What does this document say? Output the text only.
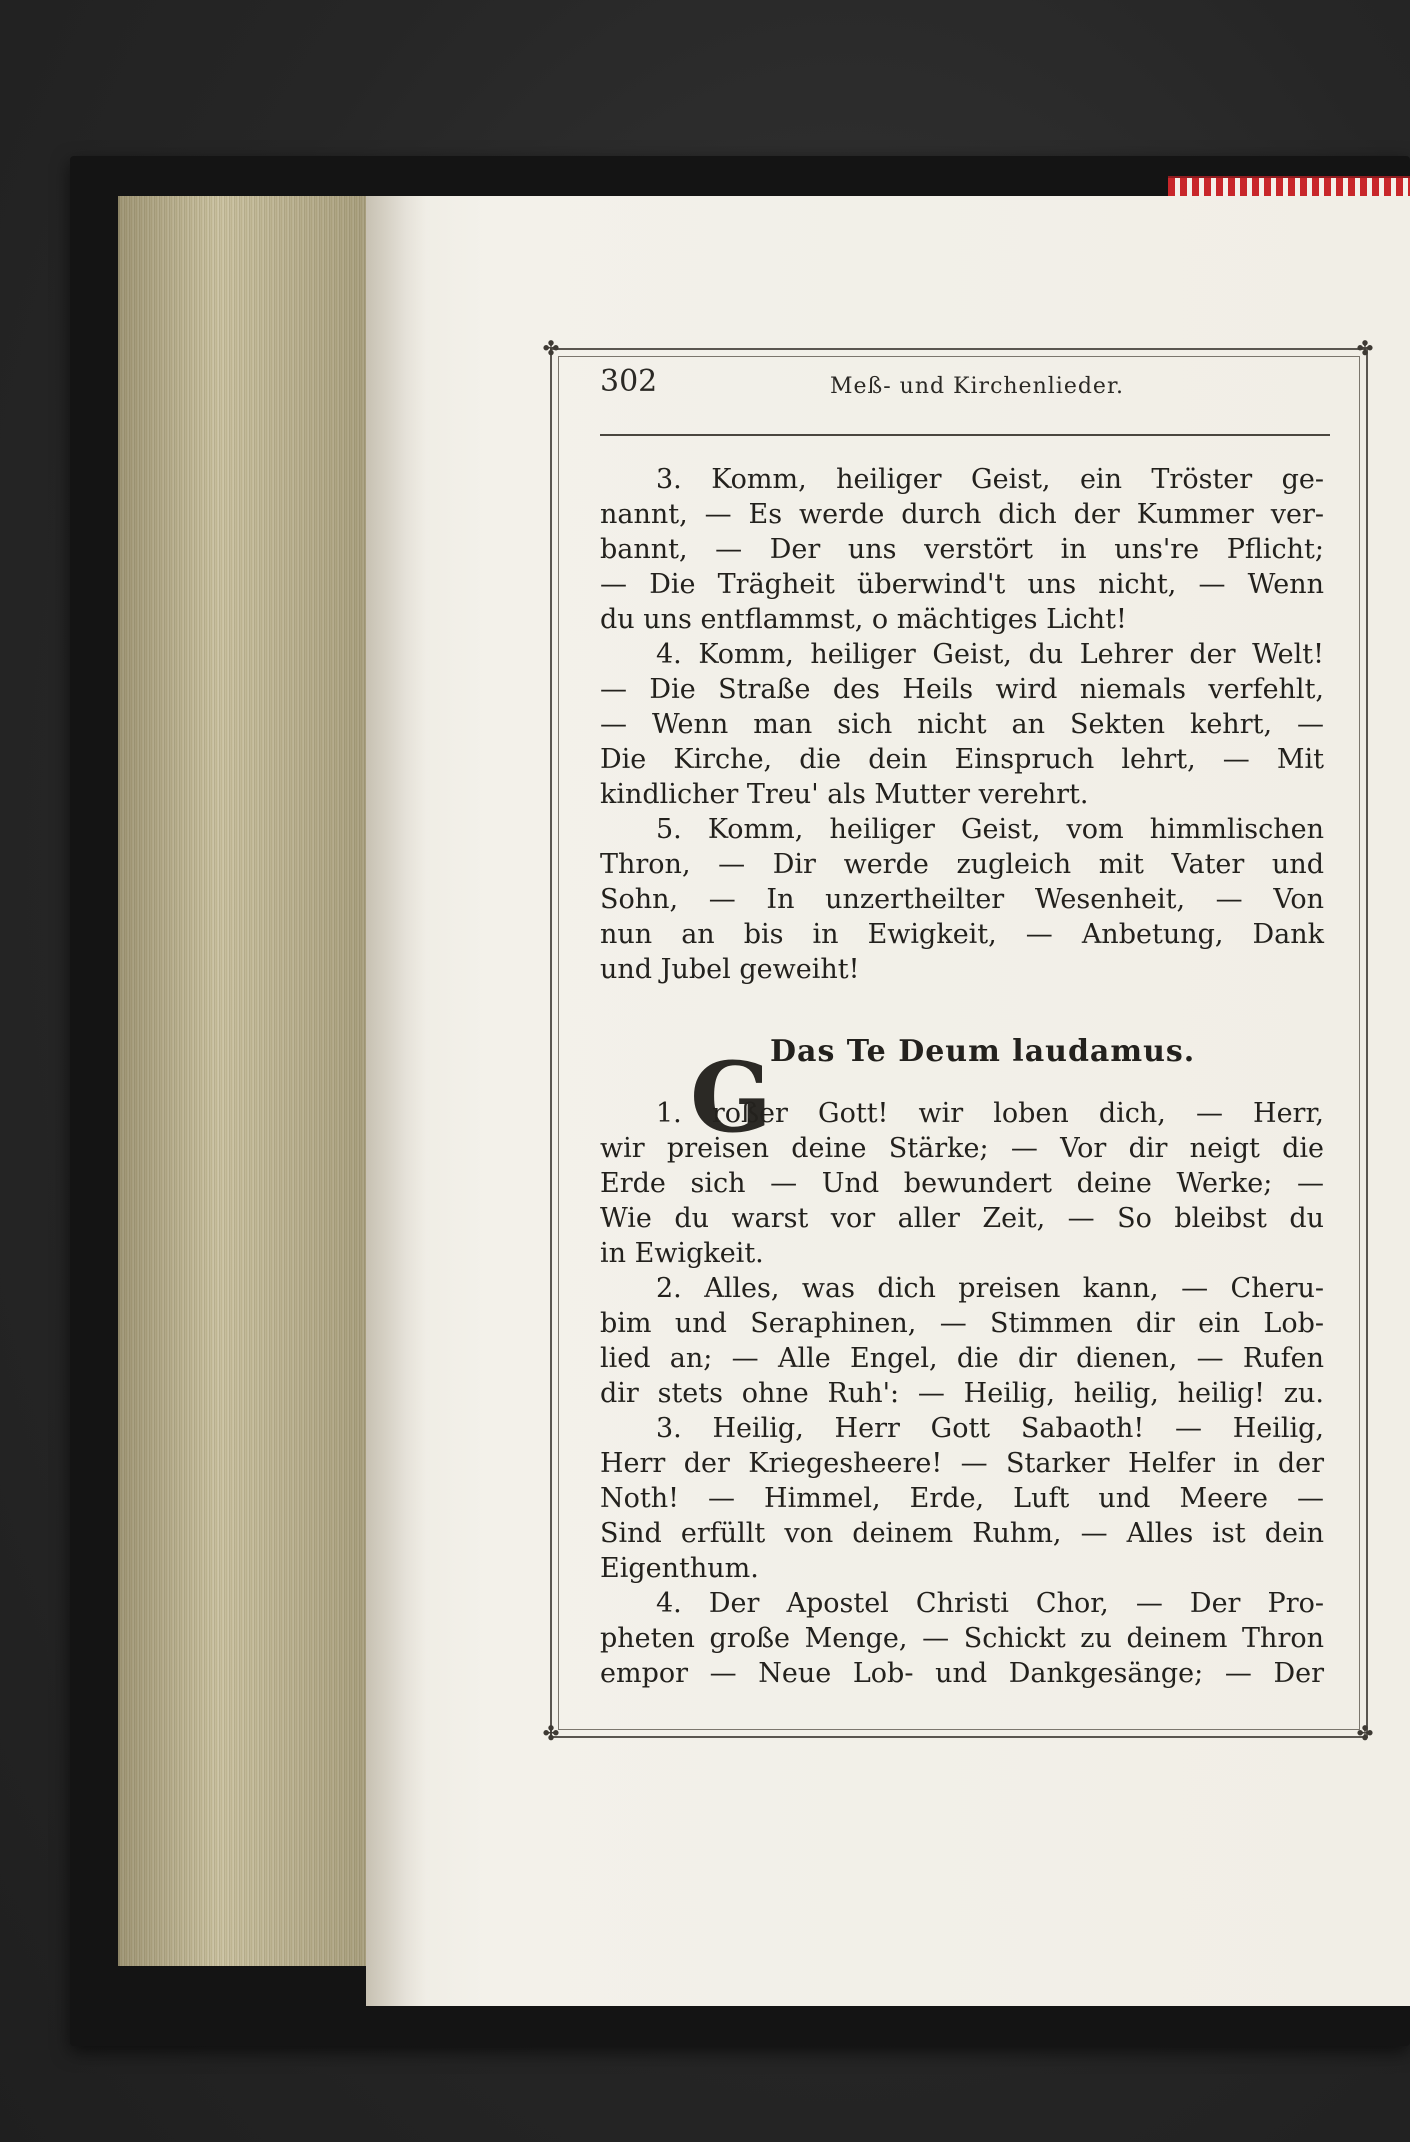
✤	✤
✤	✤
302	Meß- und Kirchenlieder.
3. Komm, heiliger Geist, ein Tröster ge-
nannt, — Es werde durch dich der Kummer ver-
bannt, — Der uns verstört in uns're Pflicht;
— Die Trägheit überwind't uns nicht, — Wenn
du uns entflammst, o mächtiges Licht!
4. Komm, heiliger Geist, du Lehrer der Welt!
— Die Straße des Heils wird niemals verfehlt,
— Wenn man sich nicht an Sekten kehrt, —
Die Kirche, die dein Einspruch lehrt, — Mit
kindlicher Treu' als Mutter verehrt.
5. Komm, heiliger Geist, vom himmlischen
Thron, — Dir werde zugleich mit Vater und
Sohn, — In unzertheilter Wesenheit, — Von
nun an bis in Ewigkeit, — Anbetung, Dank
und Jubel geweiht!
Das Te Deum laudamus.
G
1. roßer Gott! wir loben dich, — Herr,
wir preisen deine Stärke; — Vor dir neigt die
Erde sich — Und bewundert deine Werke; —
Wie du warst vor aller Zeit, — So bleibst du
in Ewigkeit.
2. Alles, was dich preisen kann, — Cheru-
bim und Seraphinen, — Stimmen dir ein Lob-
lied an; — Alle Engel, die dir dienen, — Rufen
dir stets ohne Ruh': — Heilig, heilig, heilig! zu.
3. Heilig, Herr Gott Sabaoth! — Heilig,
Herr der Kriegesheere! — Starker Helfer in der
Noth! — Himmel, Erde, Luft und Meere —
Sind erfüllt von deinem Ruhm, — Alles ist dein
Eigenthum.
4. Der Apostel Christi Chor, — Der Pro-
pheten große Menge, — Schickt zu deinem Thron
empor — Neue Lob- und Dankgesänge; — Der
